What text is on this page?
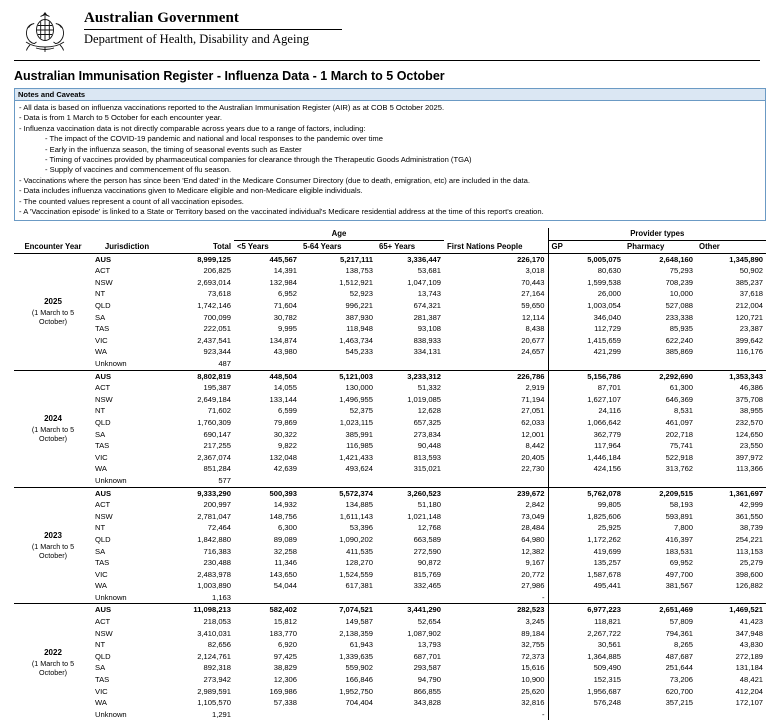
Australian Government
Department of Health, Disability and Ageing
Australian Immunisation Register - Influenza Data - 1 March to 5 October
Notes and Caveats
- All data is based on influenza vaccinations reported to the Australian Immunisation Register (AIR) as at COB 5 October 2025.
- Data is from 1 March to 5 October for each encounter year.
- Influenza vaccination data is not directly comparable across years due to a range of factors, including:
- The impact of the COVID-19 pandemic and national and local responses to the pandemic over time
- Early in the influenza season, the timing of seasonal events such as Easter
- Timing of vaccines provided by pharmaceutical companies for clearance through the Therapeutic Goods Administration (TGA)
- Supply of vaccines and commencement of flu season.
- Vaccinations where the person has since been 'End dated' in the Medicare Consumer Directory (due to death, emigration, etc) are included in the data.
- Data includes influenza vaccinations given to Medicare eligible and non-Medicare eligible individuals.
- The counted values represent a count of all vaccination episodes.
- A 'Vaccination episode' is linked to a State or Territory based on the vaccinated individual's Medicare residential address at the time of this report's creation.
			Age				Provider types		
Encounter Year	Jurisdiction	Total	<5 Years	5-64 Years	65+ Years	First Nations People	GP	Pharmacy	Other
2025
(1 March to 5 October)	AUS	8,999,125	445,567	5,217,111	3,336,447	226,170	5,005,075	2,648,160	1,345,890
	ACT	206,825	14,391	138,753	53,681	3,018	80,630	75,293	50,902
	NSW	2,693,014	132,984	1,512,921	1,047,109	70,443	1,599,538	708,239	385,237
	NT	73,618	6,952	52,923	13,743	27,164	26,000	10,000	37,618
	QLD	1,742,146	71,604	996,221	674,321	59,650	1,003,054	527,088	212,004
	SA	700,099	30,782	387,930	281,387	12,114	346,040	233,338	120,721
	TAS	222,051	9,995	118,948	93,108	8,438	112,729	85,935	23,387
	VIC	2,437,541	134,874	1,463,734	838,933	20,677	1,415,659	622,240	399,642
	WA	923,344	43,980	545,233	334,131	24,657	421,299	385,869	116,176
	Unknown	487							
2024
(1 March to 5 October)	AUS	8,802,819	448,504	5,121,003	3,233,312	226,786	5,156,786	2,292,690	1,353,343
	ACT	195,387	14,055	130,000	51,332	2,919	87,701	61,300	46,386
	NSW	2,649,184	133,144	1,496,955	1,019,085	71,194	1,627,107	646,369	375,708
	NT	71,602	6,599	52,375	12,628	27,051	24,116	8,531	38,955
	QLD	1,760,309	79,869	1,023,115	657,325	62,033	1,066,642	461,097	232,570
	SA	690,147	30,322	385,991	273,834	12,001	362,779	202,718	124,650
	TAS	217,255	9,822	116,985	90,448	8,442	117,964	75,741	23,550
	VIC	2,367,074	132,048	1,421,433	813,593	20,405	1,446,184	522,918	397,972
	WA	851,284	42,639	493,624	315,021	22,730	424,156	313,762	113,366
	Unknown	577							
2023
(1 March to 5 October)	AUS	9,333,290	500,393	5,572,374	3,260,523	239,672	5,762,078	2,209,515	1,361,697
	ACT	200,997	14,932	134,885	51,180	2,842	99,805	58,193	42,999
	NSW	2,781,047	148,756	1,611,143	1,021,148	73,049	1,825,606	593,891	361,550
	NT	72,464	6,300	53,396	12,768	28,484	25,925	7,800	38,739
	QLD	1,842,880	89,089	1,090,202	663,589	64,980	1,172,262	416,397	254,221
	SA	716,383	32,258	411,535	272,590	12,382	419,699	183,531	113,153
	TAS	230,488	11,346	128,270	90,872	9,167	135,257	69,952	25,279
	VIC	2,483,978	143,650	1,524,559	815,769	20,772	1,587,678	497,700	398,600
	WA	1,003,890	54,044	617,381	332,465	27,986	495,441	381,567	126,882
	Unknown	1,163				-			
2022
(1 March to 5 October)	AUS	11,098,213	582,402	7,074,521	3,441,290	282,523	6,977,223	2,651,469	1,469,521
	ACT	218,053	15,812	149,587	52,654	3,245	118,821	57,809	41,423
	NSW	3,410,031	183,770	2,138,359	1,087,902	89,184	2,267,722	794,361	347,948
	NT	82,656	6,920	61,943	13,793	32,755	30,561	8,265	43,830
	QLD	2,124,761	97,425	1,339,635	687,701	72,373	1,364,885	487,687	272,189
	SA	892,318	38,829	559,902	293,587	15,616	509,490	251,644	131,184
	TAS	273,942	12,306	166,846	94,790	10,900	152,315	73,206	48,421
	VIC	2,989,591	169,986	1,952,750	866,855	25,620	1,956,687	620,700	412,204
	WA	1,105,570	57,338	704,404	343,828	32,816	576,248	357,215	172,107
	Unknown	1,291				-			
